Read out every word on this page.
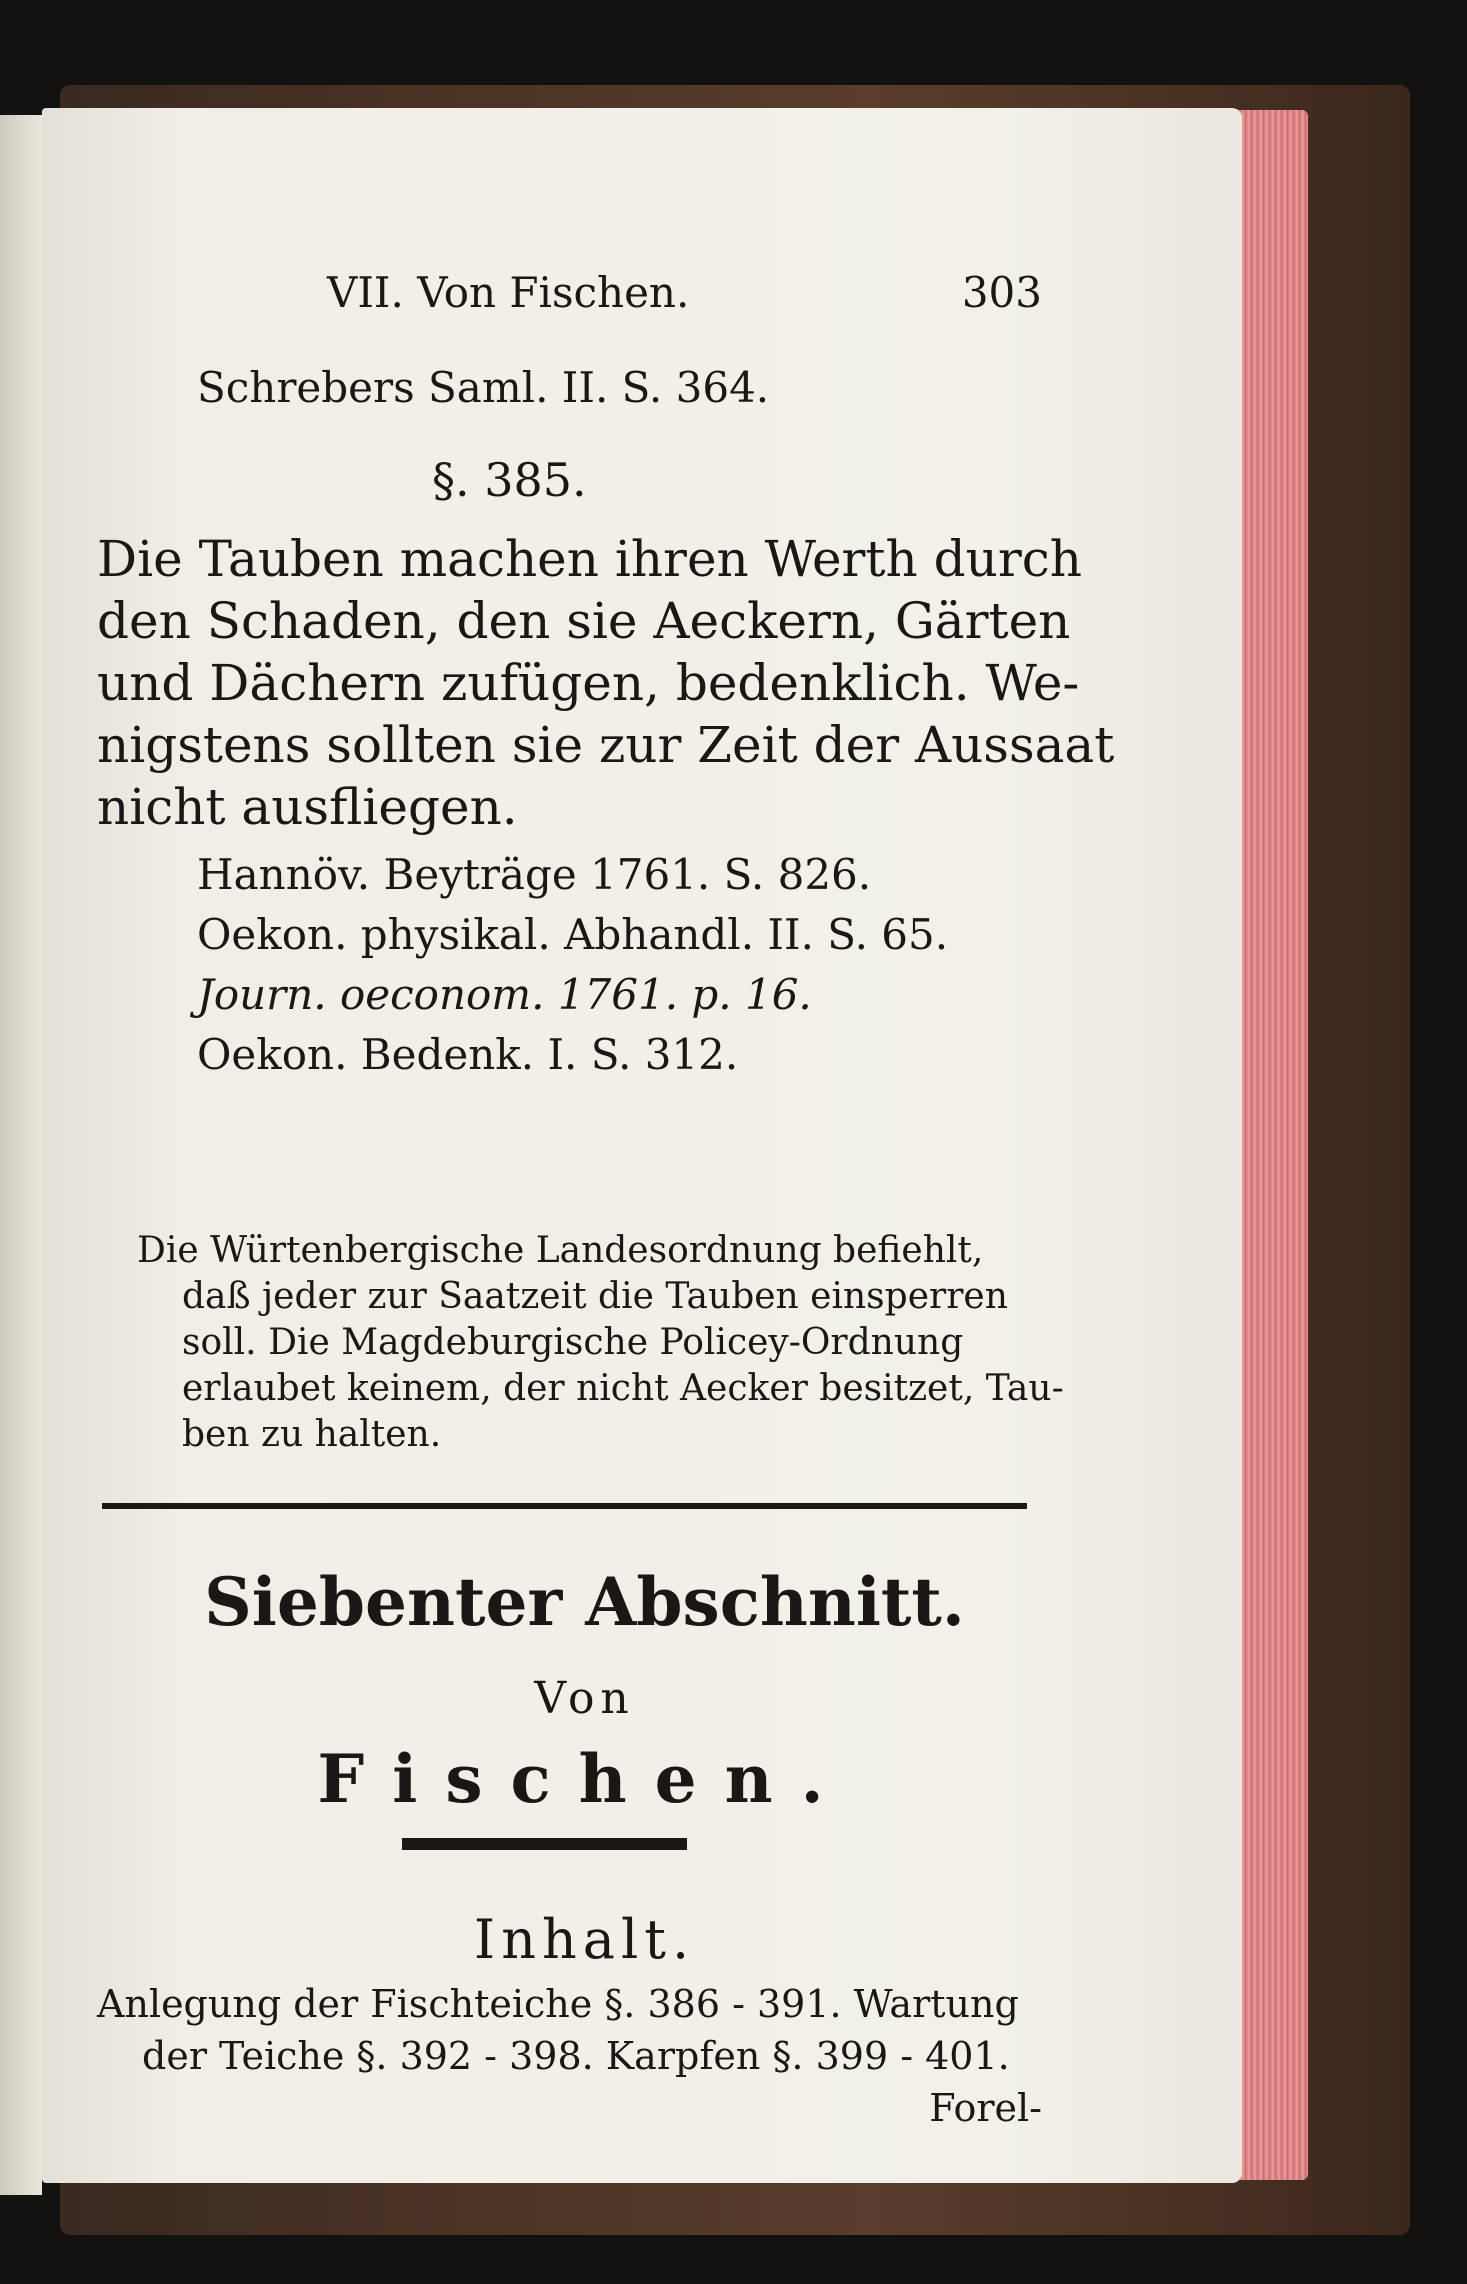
VII. Von Fischen.	303

Schrebers Saml. II. S. 364.

§. 385.

Die Tauben machen ihren Werth durch
den Schaden, den sie Aeckern, Gärten
und Dächern zufügen, bedenklich. We-
nigstens sollten sie zur Zeit der Aussaat
nicht ausfliegen.

Hannöv. Beyträge 1761. S. 826.

Oekon. physikal. Abhandl. II. S. 65.

Journ. oeconom. 1761. p. 16.

Oekon. Bedenk. I. S. 312.

Die Würtenbergische Landesordnung befiehlt,
daß jeder zur Saatzeit die Tauben einsperren
soll. Die Magdeburgische Policey-Ordnung
erlaubet keinem, der nicht Aecker besitzet, Tau-
ben zu halten.

Siebenter Abschnitt.

Von

Fischen.

Inhalt.

Anlegung der Fischteiche §. 386 - 391. Wartung
der Teiche §. 392 - 398. Karpfen §. 399 - 401.
Forel-
